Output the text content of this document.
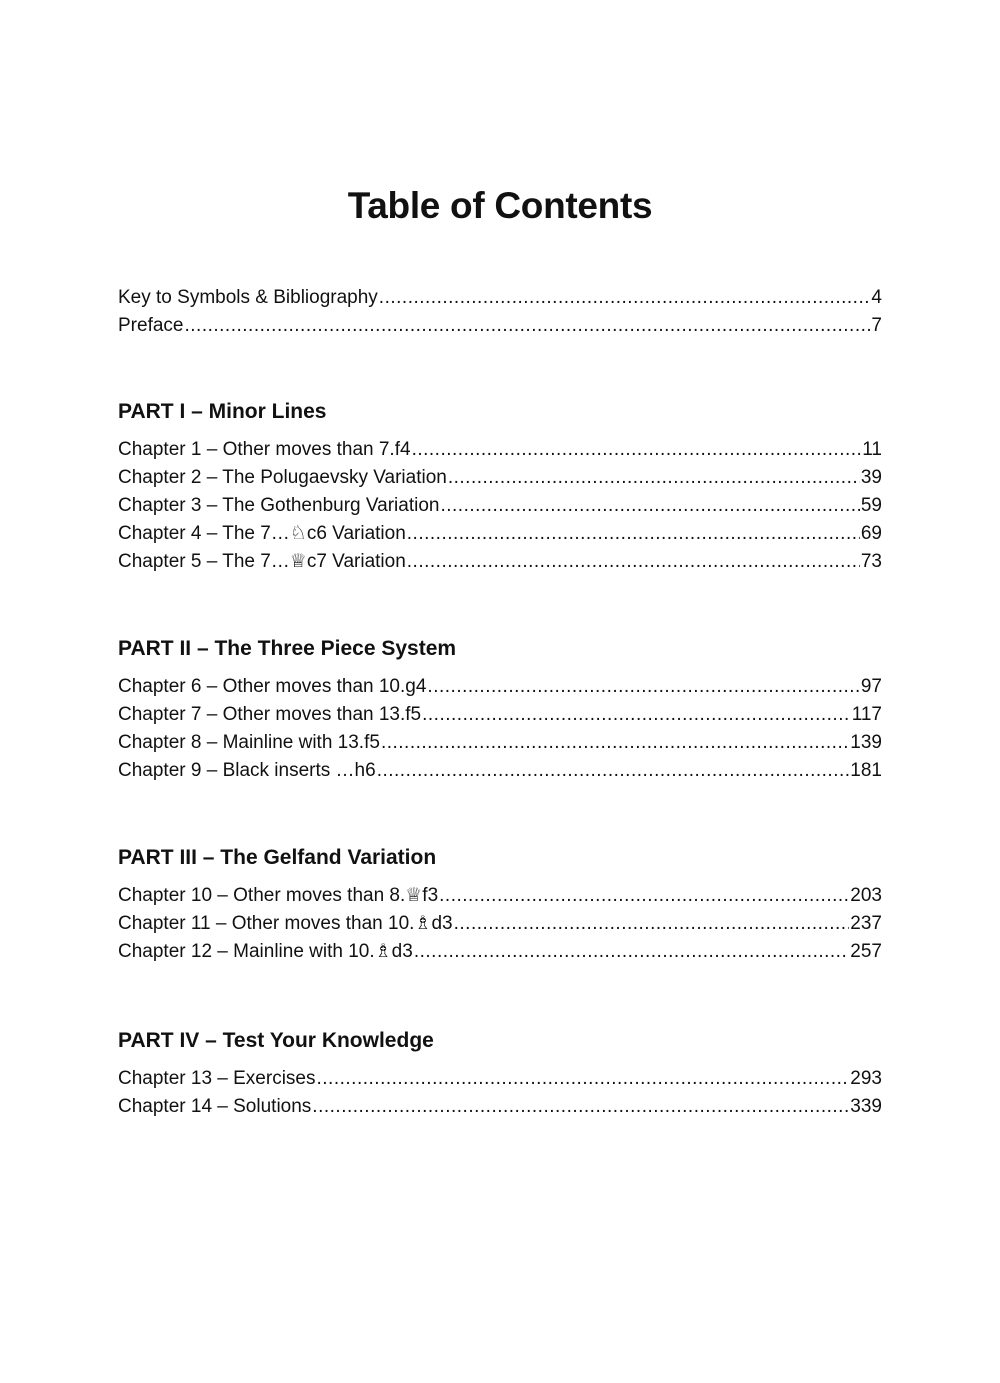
Table of Contents
Key to Symbols & Bibliography .....	4
Preface .....	7
PART I – Minor Lines
Chapter 1 – Other moves than 7.f4 .....	11
Chapter 2 – The Polugaevsky Variation .....	39
Chapter 3 – The Gothenburg Variation .....	59
Chapter 4 – The 7…♘c6 Variation .....	69
Chapter 5 – The 7…♕c7 Variation .....	73
PART II – The Three Piece System
Chapter 6 – Other moves than 10.g4 .....	97
Chapter 7 – Other moves than 13.f5 .....	117
Chapter 8 – Mainline with 13.f5 .....	139
Chapter 9 – Black inserts …h6 .....	181
PART III – The Gelfand Variation
Chapter 10 – Other moves than 8.♕f3 .....	203
Chapter 11 – Other moves than 10.♗d3 .....	237
Chapter 12 – Mainline with 10.♗d3 .....	257
PART IV – Test Your Knowledge
Chapter 13 – Exercises .....	293
Chapter 14 – Solutions .....	339
